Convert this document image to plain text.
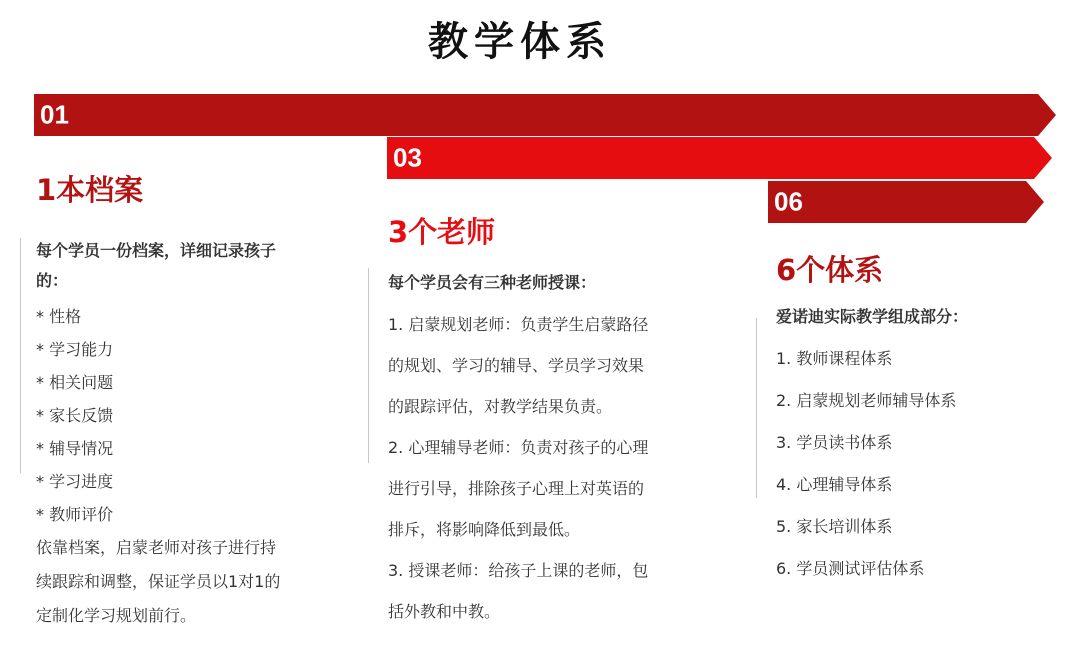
教学体系
01
03
06
1本档案
每个学员一份档案，详细记录孩子
的：
* 性格
* 学习能力
* 相关问题
* 家长反馈
* 辅导情况
* 学习进度
* 教师评价
依靠档案，启蒙老师对孩子进行持
续跟踪和调整，保证学员以1对1的
定制化学习规划前行。
3个老师
每个学员会有三种老师授课：
1. 启蒙规划老师：负责学生启蒙路径
的规划、学习的辅导、学员学习效果
的跟踪评估，对教学结果负责。
2. 心理辅导老师：负责对孩子的心理
进行引导，排除孩子心理上对英语的
排斥，将影响降低到最低。
3. 授课老师：给孩子上课的老师，包
括外教和中教。
6个体系
爱诺迪实际教学组成部分：
1. 教师课程体系
2. 启蒙规划老师辅导体系
3. 学员读书体系
4. 心理辅导体系
5. 家长培训体系
6. 学员测试评估体系
